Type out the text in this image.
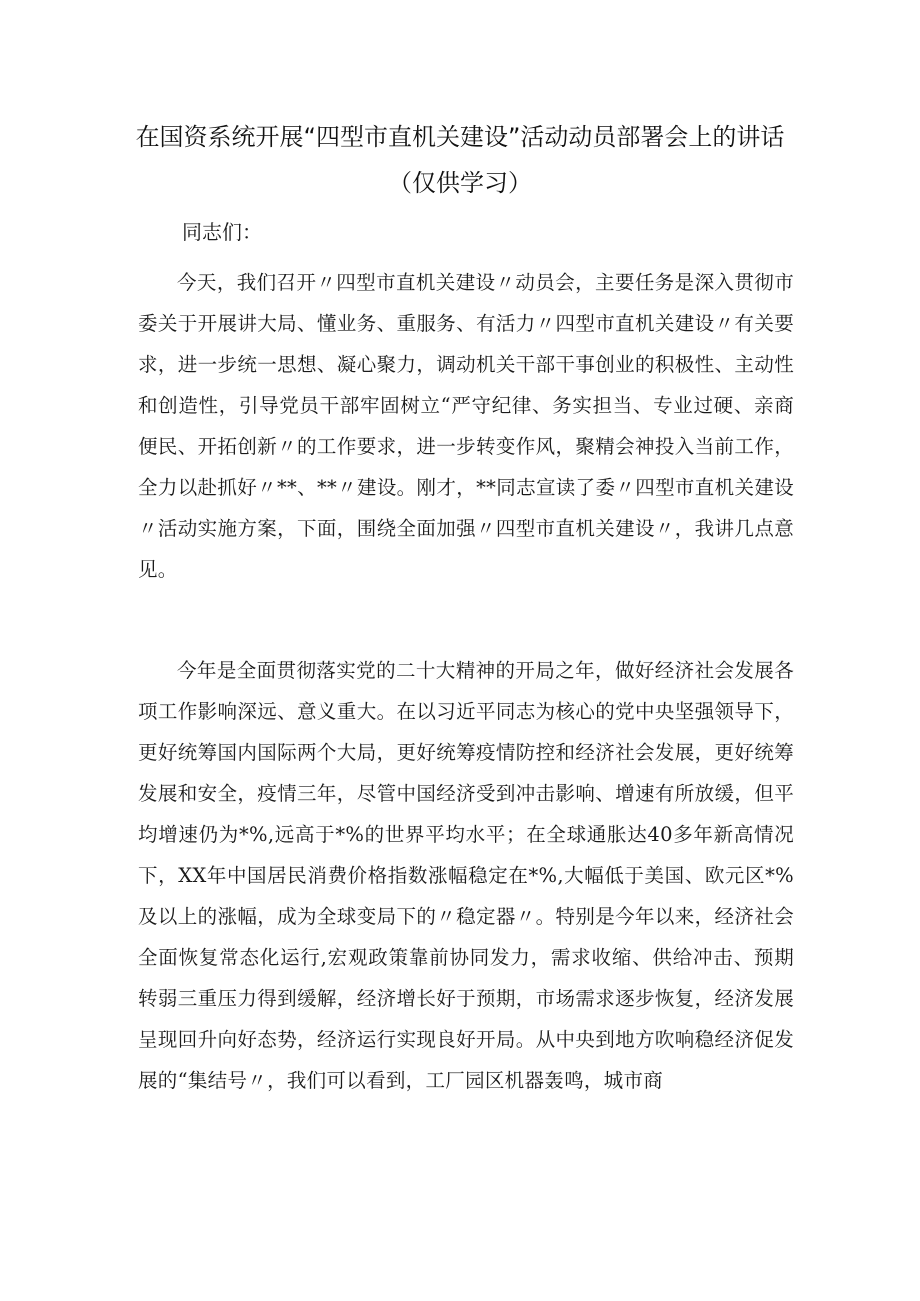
在国资系统开展“四型市直机关建设”活动动员部署会上的讲话（仅供学习）

同志们：

今天，我们召开〃四型市直机关建设〃动员会，主要任务是深入贯彻市委关于开展讲大局、懂业务、重服务、有活力〃四型市直机关建设〃有关要求，进一步统一思想、凝心聚力，调动机关干部干事创业的积极性、主动性和创造性，引导党员干部牢固树立“严守纪律、务实担当、专业过硬、亲商便民、开拓创新〃的工作要求，进一步转变作风，聚精会神投入当前工作，全力以赴抓好〃**、**〃建设。刚才，**同志宣读了委〃四型市直机关建设〃活动实施方案，下面，围绕全面加强〃四型市直机关建设〃，我讲几点意见。

今年是全面贯彻落实党的二十大精神的开局之年，做好经济社会发展各项工作影响深远、意义重大。在以习近平同志为核心的党中央坚强领导下，更好统筹国内国际两个大局，更好统筹疫情防控和经济社会发展，更好统筹发展和安全，疫情三年，尽管中国经济受到冲击影响、增速有所放缓，但平均增速仍为*%,远高于*%的世界平均水平；在全球通胀达40多年新高情况下，XX年中国居民消费价格指数涨幅稳定在*%,大幅低于美国、欧元区*%及以上的涨幅，成为全球变局下的〃稳定器〃。特别是今年以来，经济社会全面恢复常态化运行,宏观政策靠前协同发力，需求收缩、供给冲击、预期转弱三重压力得到缓解，经济增长好于预期，市场需求逐步恢复，经济发展呈现回升向好态势，经济运行实现良好开局。从中央到地方吹响稳经济促发展的“集结号〃，我们可以看到，工厂园区机器轰鸣，城市商
